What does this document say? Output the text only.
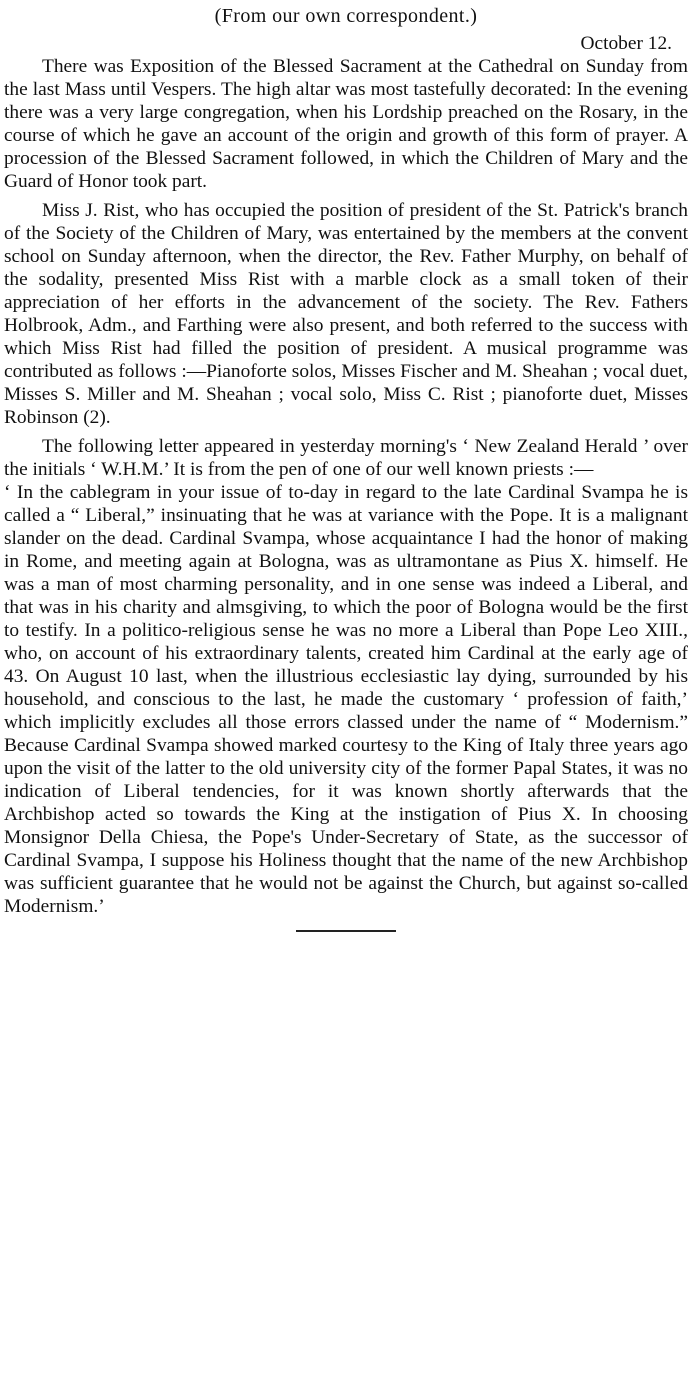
(From our own correspondent.)
October 12.

There was Exposition of the Blessed Sacrament at the Cathedral on Sunday from the last Mass until Vespers. The high altar was most tastefully decorated: In the evening there was a very large congregation, when his Lordship preached on the Rosary, in the course of which he gave an account of the origin and growth of this form of prayer. A procession of the Blessed Sacrament followed, in which the Children of Mary and the Guard of Honor took part.

Miss J. Rist, who has occupied the position of president of the St. Patrick's branch of the Society of the Children of Mary, was entertained by the members at the convent school on Sunday afternoon, when the director, the Rev. Father Murphy, on behalf of the sodality, presented Miss Rist with a marble clock as a small token of their appreciation of her efforts in the advancement of the society. The Rev. Fathers Holbrook, Adm., and Farthing were also present, and both referred to the success with which Miss Rist had filled the position of president. A musical programme was contributed as follows :—Pianoforte solos, Misses Fischer and M. Sheahan ; vocal duet, Misses S. Miller and M. Sheahan ; vocal solo, Miss C. Rist ; pianoforte duet, Misses Robinson (2).

The following letter appeared in yesterday morning's ‘ New Zealand Herald ’ over the initials ‘ W.H.M.’ It is from the pen of one of our well known priests :—

‘ In the cablegram in your issue of to-day in regard to the late Cardinal Svampa he is called a “ Liberal,” insinuating that he was at variance with the Pope. It is a malignant slander on the dead. Cardinal Svampa, whose acquaintance I had the honor of making in Rome, and meeting again at Bologna, was as ultramontane as Pius X. himself. He was a man of most charming personality, and in one sense was indeed a Liberal, and that was in his charity and almsgiving, to which the poor of Bologna would be the first to testify. In a politico-religious sense he was no more a Liberal than Pope Leo XIII., who, on account of his extraordinary talents, created him Cardinal at the early age of 43. On August 10 last, when the illustrious ecclesiastic lay dying, surrounded by his household, and conscious to the last, he made the customary ‘ profession of faith,’ which implicitly excludes all those errors classed under the name of “ Modernism.” Because Cardinal Svampa showed marked courtesy to the King of Italy three years ago upon the visit of the latter to the old university city of the former Papal States, it was no indication of Liberal tendencies, for it was known shortly afterwards that the Archbishop acted so towards the King at the instigation of Pius X. In choosing Monsignor Della Chiesa, the Pope's Under-Secretary of State, as the successor of Cardinal Svampa, I suppose his Holiness thought that the name of the new Archbishop was sufficient guarantee that he would not be against the Church, but against so-called Modernism.’
